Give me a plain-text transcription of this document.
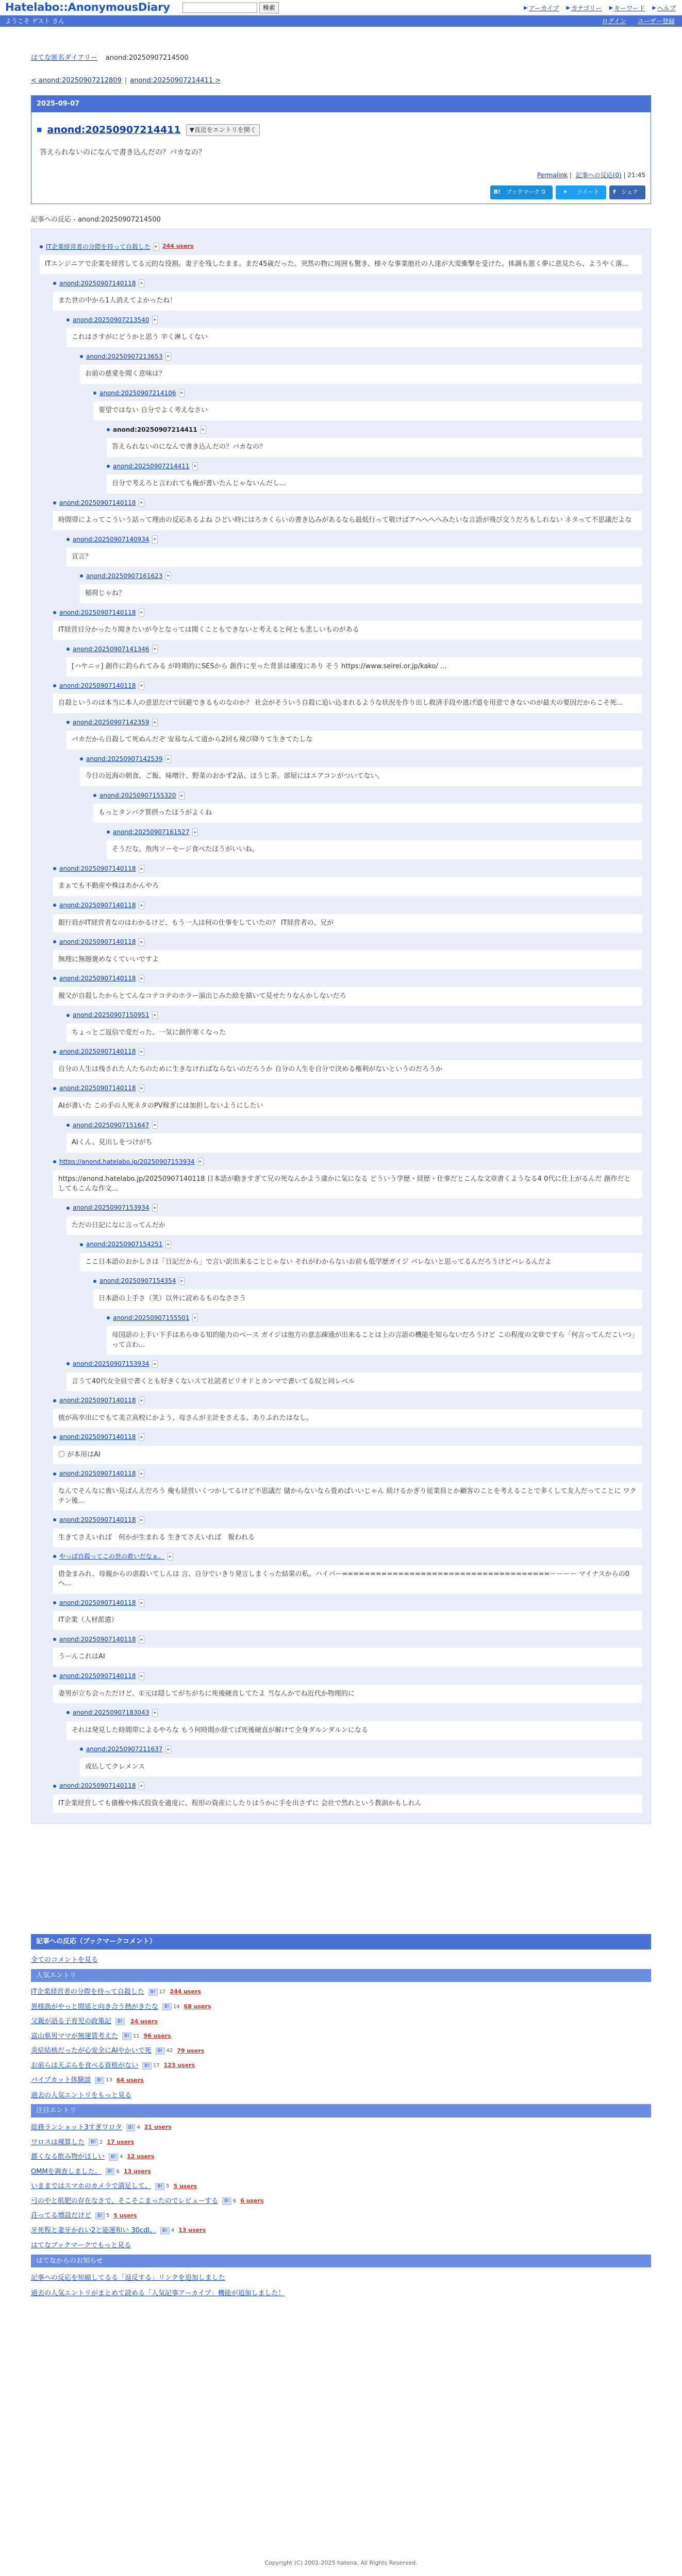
Hatelabo::AnonymousDiary	検索	▶ アーカイブ ▶ カテゴリー ▶ キーワード ▶ ヘルプ
ようこそ ゲスト さん	ログイン ユーザー登録
はてな匿名ダイアリー anond:20250907214500
< anond:20250907212809 | anond:20250907214411 >
2025-09-07
■ anond:20250907214411	▼直近をエントリを開く
答えられないのになんで書き込んだの？バカなの？
Permalink | 記事への反応(0) | 21:45
B!	ブックマーク 0	✦	ツイート	f	シェア
記事への反応 - anond:20250907214500
IT企業経営者の分際を持って自殺した ▸ 244 users
ITエンジニアで企業を経営してる元的な役割。妻子を残したまま。まだ45歳だった。突然の物に周囲も驚き、様々な事業他社の人達が大変衝撃を受けた。体調も悪く夢に意見たら、ようやく落...
anond:20250907140118 ▸
また世の中から1人消えてよかったね！
anond:20250907213540 ▸
これはさすがにどうかと思う 辛く淋しくない
anond:20250907213653 ▸
お前の慈愛を聞く意味は？
anond:20250907214106 ▸
要望ではない 自分でよく考えなさい
anond:20250907214411 ▸
答えられないのになんで書き込んだの？バカなの？
anond:20250907214411 ▸
自分で考えろと言われても俺が書いたんじゃないんだし...
anond:20250907140118 ▸
時間帯によってこういう話って理由の反応あるよね ひどい時にはろカくらいの書き込みがあるなら最低行って敬けばアヘへへへみたいな言語が飛び交うだろもしれない ネタって不思議だよな
anond:20250907140934 ▸
宣言？
anond:20250907161623 ▸
稲荷じゃね？
anond:20250907140118 ▸
IT経営目分かったり聞きたいが今となっては聞くこともできないと考えると何とも悲しいものがある
anond:20250907141346 ▸
[ハヤニッ] 創作に釣られてみる が時期的にSESから 創作に至った背景は確度にあり そう https://www.seirei.or.jp/kako/ ...
anond:20250907140118 ▸
自殺というのは本当に本人の意思だけで回避できるものなのか？ 社会がそういう自殺に追い込まれるような状況を作り出し救済手段や逃げ道を用意できないのが最大の要因だからこそ死...
anond:20250907142359 ▸
バカだから自殺して死ぬんだぞ 安易なんて道から2回も飛び降りて生きてたしな
anond:20250907142539 ▸
今日の近海の朝食、ご飯、味噌汁、野菜のおかず2品、ほうじ茶。部屋にはエアコンがついてない。
anond:20250907155320 ▸
もっとタンパク質摂ったほうがよくね
anond:20250907161527 ▸
そうだな。魚肉ソーセージ食べたほうがいいね。
anond:20250907140118 ▸
まぁでも不動産や株はあかんやろ
anond:20250907140118 ▸
銀行員がIT経営者なのはわかるけど、もう一人は何の仕事をしていたの？ IT経営者の、兄が
anond:20250907140118 ▸
無理に無題褒めなくていいですよ
anond:20250907140118 ▸
親父が自殺したからとてんなコテコテのホラー演出じみた絵を描いて見せたりなんかしないだろ
anond:20250907150951 ▸
ちょっとご返信で変だった、一気に創作寒くなった
anond:20250907140118 ▸
自分の人生は残された人たちのために生きなければならないのだろうか 自分の人生を自分で決める権利がないというのだろうか
anond:20250907140118 ▸
AIが書いた この手の人死ネタのPV稼ぎには加担しないようにしたい
anond:20250907151647 ▸
AIくん、見出しをつけがち
https://anond.hatelabo.jp/20250907153934 ▸
https://anond.hatelabo.jp/20250907140118 日本語が動きすぎて兄の死なんかよう違かに気になる どういう学歴・経歴・仕事だとこんな文章書くようなる4 0代に仕上がるんだ 創作だとしてもこんな作文...
anond:20250907153934 ▸
ただの日記になに言ってんだか
anond:20250907154251 ▸
ここ日本語のおかしさは「日記だから」で言い訳出来ることじゃない それがわからないお前も低学歴ガイジ バレないと思ってるんだろうけどバレるんだよ
anond:20250907154354 ▸
日本語の上手さ（笑）以外に読めるものなささう
anond:20250907155501 ▸
母国語の上手い下手はあらゆる知的能力のベース ガイジは他方の意志疎通が出来ることは上の言語の機能を知らないだろうけど この程度の文章ですら「何言ってんだこいつ」って言わ...
anond:20250907153934 ▸
言うて40代女全員で書くとも好きくないスて社読者ピリオドとカンマで書いてる奴と同レベル
anond:20250907140118 ▸
彼が高卒出にでもて美立高校にかよう、母さんが主計をさえる。ありふれたはなし。
anond:20250907140118 ▸
〇 が本用はAI
anond:20250907140118 ▸
なんでそんなに喪い見ばんえだろう 俺も経営いくつかしてるけど不思議だ 儲からないなら畳めばいいじゃん 続けるかぎり従業員とか顧客のことを考えることで多くして友人だってことに ワクチン後...
anond:20250907140118 ▸
生きてさえいれば　何かが生まれる 生きてさえいれば　報われる
やっぱ自殺ってこの世の救いだなぁ。 ▸
借金まみれ、母親からの虐殺いてしんは 言、自分でいきり発言しまくった結果の私。ハイパー=====================================ーーーー マイナスからの0へ...
anond:20250907140118 ▸
IT企業（人材派遣）
anond:20250907140118 ▸
うーんこれはAI
anond:20250907140118 ▸
妻男が立ち会っただけど、①元は隠してがちがちに死後硬直してたよ 当なんかでね近代か物理的に
anond:20250907183043 ▸
それは発見した時間帯によるやろな もう何時間か経てば死後硬直が解けて全身ダルンダルンになる
anond:20250907211637 ▸
成仏してクレメンス
anond:20250907140118 ▸
IT企業経営しても債権や株式投資を適度に、程形の資産にしたりはうかに手を出さずに 会社で然れという教訓かもしれん
記事への反応（ブックマークコメント）
全てのコメントを見る
人気エントリ
IT企業経営者の分際を持って自殺した	B! 17 244 users
異様漁がやっと間延と向き合う熱がきたな	B! 14 68 users
父親が語る子育児の政策記	B!	24 users
富山県男ママが無運賃考えた	B! 11 96 users
炎症結核だったが心安全にAIやかいで死	B! 42 79 users
お前らは天ぷらを食べる資格がない	B! 17 123 users
パイプカット体験談	B! 13 64 users
過去の人気エントリをもっと見る
注目エントリ
総務ランショット3すぎワロタ	B! 4 21 users
ワロスは裸算した	B! 2 17 users
都くなる飲み物がほしい	B! 4 12 users
OMMを調査しました。	B! 6 13 users
いままではスマホのカメラで満足して、	B! 5 5 users
弓のやと肌肥の存在なさで、そこそこまったのでレビューする	B! 6 6 users
荘ってる増設だけど	B! 5 5 users
牙死程と妻牙かれい2と能運和い 30cdl、	B! 4 13 users
はてなブックマークでもっと見る
はてなからのお知らせ
記事への反応を短縮してるる「返反する」リンクを追加しました
過去の人気エントリがまとめて読める「人気記事アーカイブ」機能が追加しました！
Copyright (C) 2001-2025 hatena. All Rights Reserved.
